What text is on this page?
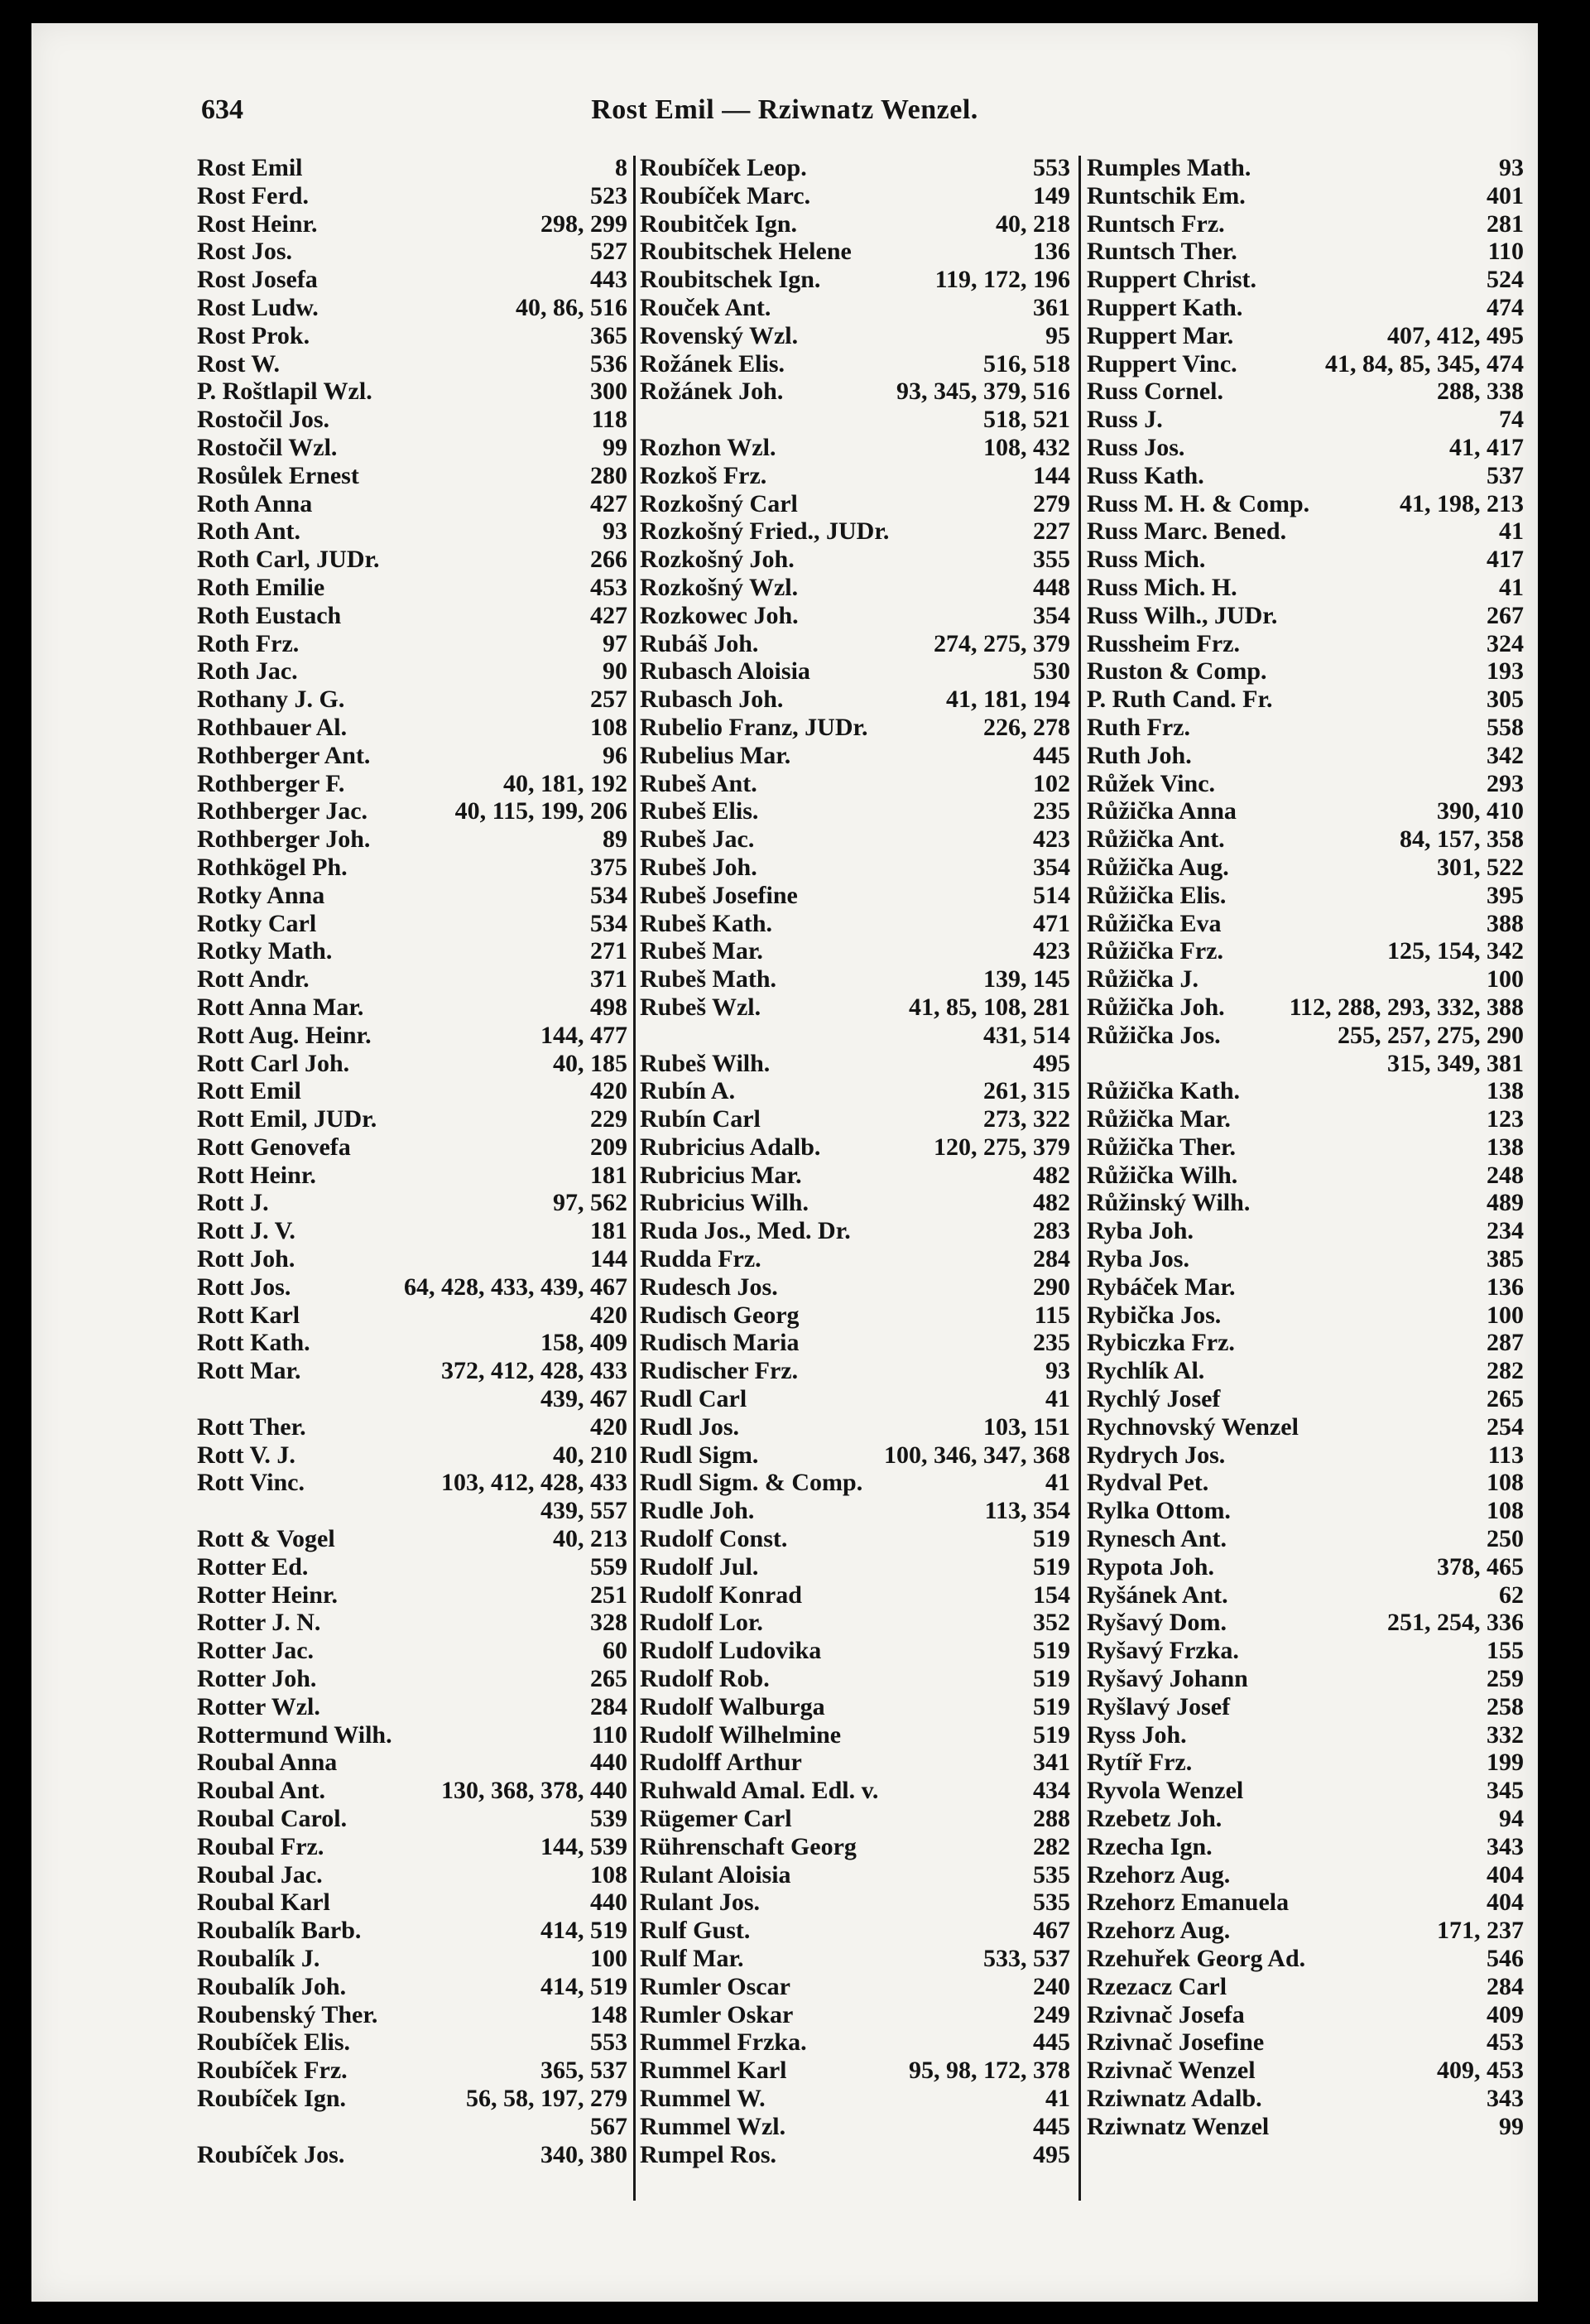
634	Rost Emil — Rziwnatz Wenzel.
Rost Emil	8
Rost Ferd.	523
Rost Heinr.	298, 299
Rost Jos.	527
Rost Josefa	443
Rost Ludw.	40, 86, 516
Rost Prok.	365
Rost W.	536
P. Roštlapil Wzl.	300
Rostočil Jos.	118
Rostočil Wzl.	99
Rosůlek Ernest	280
Roth Anna	427
Roth Ant.	93
Roth Carl, JUDr.	266
Roth Emilie	453
Roth Eustach	427
Roth Frz.	97
Roth Jac.	90
Rothany J. G.	257
Rothbauer Al.	108
Rothberger Ant.	96
Rothberger F.	40, 181, 192
Rothberger Jac.	40, 115, 199, 206
Rothberger Joh.	89
Rothkögel Ph.	375
Rotky Anna	534
Rotky Carl	534
Rotky Math.	271
Rott Andr.	371
Rott Anna Mar.	498
Rott Aug. Heinr.	144, 477
Rott Carl Joh.	40, 185
Rott Emil	420
Rott Emil, JUDr.	229
Rott Genovefa	209
Rott Heinr.	181
Rott J.	97, 562
Rott J. V.	181
Rott Joh.	144
Rott Jos.	64, 428, 433, 439, 467
Rott Karl	420
Rott Kath.	158, 409
Rott Mar.	372, 412, 428, 433
439, 467
Rott Ther.	420
Rott V. J.	40, 210
Rott Vinc.	103, 412, 428, 433
439, 557
Rott & Vogel	40, 213
Rotter Ed.	559
Rotter Heinr.	251
Rotter J. N.	328
Rotter Jac.	60
Rotter Joh.	265
Rotter Wzl.	284
Rottermund Wilh.	110
Roubal Anna	440
Roubal Ant.	130, 368, 378, 440
Roubal Carol.	539
Roubal Frz.	144, 539
Roubal Jac.	108
Roubal Karl	440
Roubalík Barb.	414, 519
Roubalík J.	100
Roubalík Joh.	414, 519
Roubenský Ther.	148
Roubíček Elis.	553
Roubíček Frz.	365, 537
Roubíček Ign.	56, 58, 197, 279
567
Roubíček Jos.	340, 380
Roubíček Leop.	553
Roubíček Marc.	149
Roubitček Ign.	40, 218
Roubitschek Helene	136
Roubitschek Ign.	119, 172, 196
Rouček Ant.	361
Rovenský Wzl.	95
Rožánek Elis.	516, 518
Rožánek Joh.	93, 345, 379, 516
518, 521
Rozhon Wzl.	108, 432
Rozkoš Frz.	144
Rozkošný Carl	279
Rozkošný Fried., JUDr.	227
Rozkošný Joh.	355
Rozkošný Wzl.	448
Rozkowec Joh.	354
Rubáš Joh.	274, 275, 379
Rubasch Aloisia	530
Rubasch Joh.	41, 181, 194
Rubelio Franz, JUDr.	226, 278
Rubelius Mar.	445
Rubeš Ant.	102
Rubeš Elis.	235
Rubeš Jac.	423
Rubeš Joh.	354
Rubeš Josefine	514
Rubeš Kath.	471
Rubeš Mar.	423
Rubeš Math.	139, 145
Rubeš Wzl.	41, 85, 108, 281
431, 514
Rubeš Wilh.	495
Rubín A.	261, 315
Rubín Carl	273, 322
Rubricius Adalb.	120, 275, 379
Rubricius Mar.	482
Rubricius Wilh.	482
Ruda Jos., Med. Dr.	283
Rudda Frz.	284
Rudesch Jos.	290
Rudisch Georg	115
Rudisch Maria	235
Rudischer Frz.	93
Rudl Carl	41
Rudl Jos.	103, 151
Rudl Sigm.	100, 346, 347, 368
Rudl Sigm. & Comp.	41
Rudle Joh.	113, 354
Rudolf Const.	519
Rudolf Jul.	519
Rudolf Konrad	154
Rudolf Lor.	352
Rudolf Ludovika	519
Rudolf Rob.	519
Rudolf Walburga	519
Rudolf Wilhelmine	519
Rudolff Arthur	341
Ruhwald Amal. Edl. v.	434
Rügemer Carl	288
Rührenschaft Georg	282
Rulant Aloisia	535
Rulant Jos.	535
Rulf Gust.	467
Rulf Mar.	533, 537
Rumler Oscar	240
Rumler Oskar	249
Rummel Frzka.	445
Rummel Karl	95, 98, 172, 378
Rummel W.	41
Rummel Wzl.	445
Rumpel Ros.	495
Rumples Math.	93
Runtschik Em.	401
Runtsch Frz.	281
Runtsch Ther.	110
Ruppert Christ.	524
Ruppert Kath.	474
Ruppert Mar.	407, 412, 495
Ruppert Vinc.	41, 84, 85, 345, 474
Russ Cornel.	288, 338
Russ J.	74
Russ Jos.	41, 417
Russ Kath.	537
Russ M. H. & Comp.	41, 198, 213
Russ Marc. Bened.	41
Russ Mich.	417
Russ Mich. H.	41
Russ Wilh., JUDr.	267
Russheim Frz.	324
Ruston & Comp.	193
P. Ruth Cand. Fr.	305
Ruth Frz.	558
Ruth Joh.	342
Růžek Vinc.	293
Růžička Anna	390, 410
Růžička Ant.	84, 157, 358
Růžička Aug.	301, 522
Růžička Elis.	395
Růžička Eva	388
Růžička Frz.	125, 154, 342
Růžička J.	100
Růžička Joh.	112, 288, 293, 332, 388
Růžička Jos.	255, 257, 275, 290
315, 349, 381
Růžička Kath.	138
Růžička Mar.	123
Růžička Ther.	138
Růžička Wilh.	248
Růžinský Wilh.	489
Ryba Joh.	234
Ryba Jos.	385
Rybáček Mar.	136
Rybička Jos.	100
Rybiczka Frz.	287
Rychlík Al.	282
Rychlý Josef	265
Rychnovský Wenzel	254
Rydrych Jos.	113
Rydval Pet.	108
Rylka Ottom.	108
Rynesch Ant.	250
Rypota Joh.	378, 465
Ryšánek Ant.	62
Ryšavý Dom.	251, 254, 336
Ryšavý Frzka.	155
Ryšavý Johann	259
Ryšlavý Josef	258
Ryss Joh.	332
Rytíř Frz.	199
Ryvola Wenzel	345
Rzebetz Joh.	94
Rzecha Ign.	343
Rzehorz Aug.	404
Rzehorz Emanuela	404
Rzehorz Aug.	171, 237
Rzehuřek Georg Ad.	546
Rzezacz Carl	284
Rzivnač Josefa	409
Rzivnač Josefine	453
Rzivnač Wenzel	409, 453
Rziwnatz Adalb.	343
Rziwnatz Wenzel	99
